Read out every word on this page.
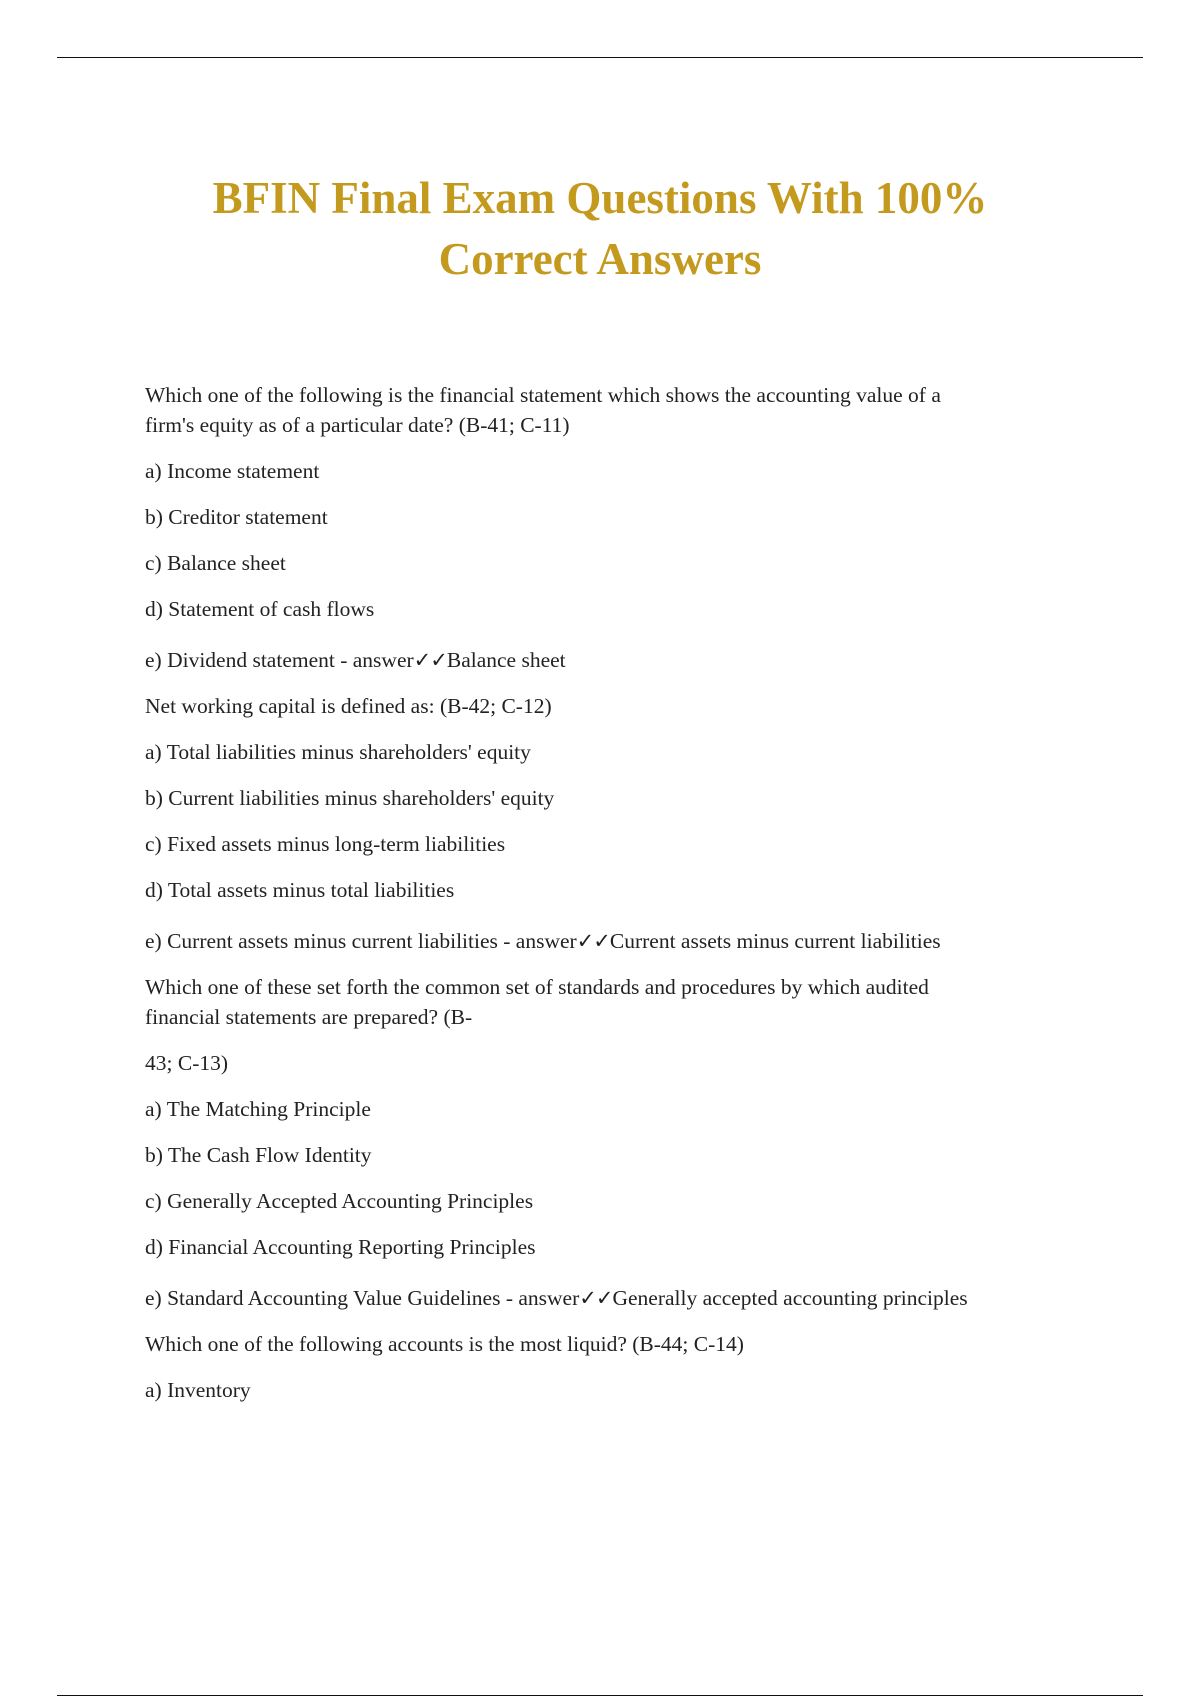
BFIN Final Exam Questions With 100%
Correct Answers
Which one of the following is the financial statement which shows the accounting value of a
firm's equity as of a particular date? (B-41; C-11)
a) Income statement
b) Creditor statement
c) Balance sheet
d) Statement of cash flows
e) Dividend statement - answer✓✓Balance sheet
Net working capital is defined as: (B-42; C-12)
a) Total liabilities minus shareholders' equity
b) Current liabilities minus shareholders' equity
c) Fixed assets minus long-term liabilities
d) Total assets minus total liabilities
e) Current assets minus current liabilities - answer✓✓Current assets minus current liabilities
Which one of these set forth the common set of standards and procedures by which audited
financial statements are prepared? (B-
43; C-13)
a) The Matching Principle
b) The Cash Flow Identity
c) Generally Accepted Accounting Principles
d) Financial Accounting Reporting Principles
e) Standard Accounting Value Guidelines - answer✓✓Generally accepted accounting principles
Which one of the following accounts is the most liquid? (B-44; C-14)
a) Inventory
